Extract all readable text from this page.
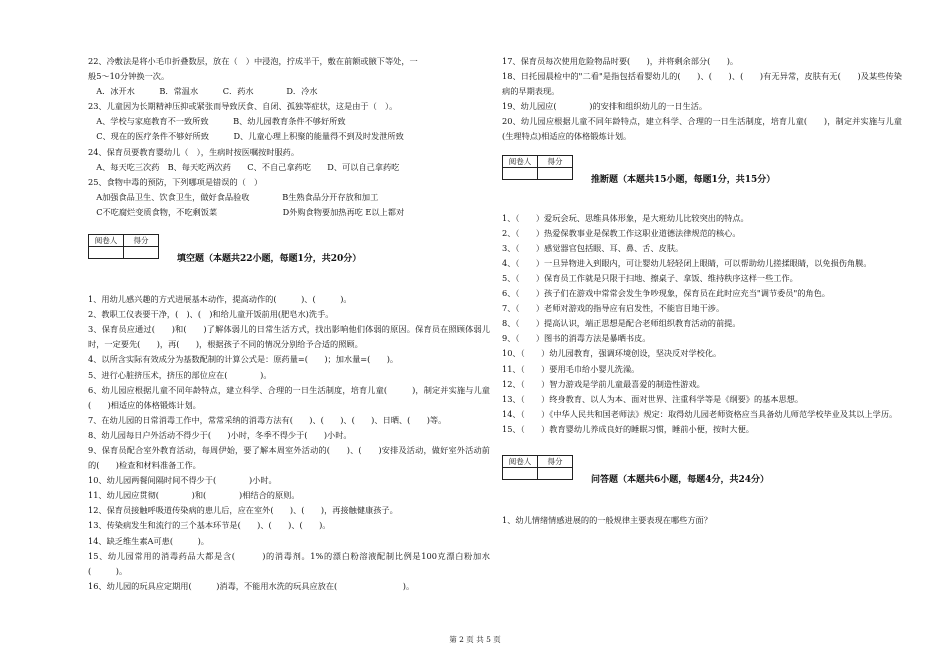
22、冷敷法是将小毛巾折叠数层，放在（　）中浸泡，拧成半干，敷在前额或腋下等处，一
般5～10分钟换一次。
　A．冰开水　　　B．常温水　　　C．药水　　　　D．冷水
23、儿童因为长期精神压抑或紧张而导致厌食、自闭、孤独等症状，这是由于（　）。
　A、学校与家庭教育不一致所致　　　B、幼儿园教育条件不够好所致
　C、现在的医疗条件不够好所致　　　D、儿童心理上积聚的能量得不到及时发泄所致
24、保育员要教育婴幼儿（　），生病时按医嘱按时服药。
　A、每天吃三次药　B、每天吃两次药　　C、不自己拿药吃　　D、可以自己拿药吃
25、食物中毒的预防，下列哪项是错误的（　）
　A加强食品卫生、饮食卫生，做好食品验收　　　　B生熟食品分开存放和加工
　C不吃腐烂变质食物，不吃剩饭菜　　　　　　　　D外购食物要加热再吃 E以上都对
阅卷人	得分

填空题（本题共22小题，每题1分，共20分）
1、用幼儿感兴趣的方式进展基本动作，提高动作的(　　　)、(　　　)。
2、教职工仪表要干净，(　)、(　)和给儿童开饭前用(肥皂水)洗手。
3、保育员应通过(　　)和(　　)了解体弱儿的日常生活方式，找出影响他们体弱的原因。保育员在照顾体弱儿时，一定要先(　　)，再(　　)，根据孩子不同的情况分别给予合适的照顾。
4、以所含实际有效成分为基数配制的计算公式是：原药量=(　　)；加水量=(　　)。
5、进行心脏挤压术，挤压的部位应在(　　　　)。
6、幼儿园应根据儿童不同年龄特点，建立科学、合理的一日生活制度，培育儿童(　　　)，制定并实施与儿童(　　)相适应的体格锻炼计划。
7、在幼儿园的日常消毒工作中，常常采纳的消毒方法有(　　)、(　　)、(　　)、日晒、(　　)等。
8、幼儿园每日户外活动不得少于(　　)小时，冬季不得少于(　　)小时。
9、保育员配合室外教育活动，每周伊始，要了解本周室外活动的(　　)、(　　)安排及活动，做好室外活动前的(　　)检查和材料准备工作。
10、幼儿园两餐间隔时间不得少于(　　　　)小时。
11、幼儿园应贯彻(　　　　)和(　　　　)相结合的原则。
12、保育员接触呼吸道传染病的患儿后，应在室外(　　)、(　　)，再接触健康孩子。
13、传染病发生和流行的三个基本环节是(　　)、(　　)、(　　)。
14、缺乏维生素A可患(　　　)。
15、幼儿园常用的消毒药品大都是含(　　　)的消毒剂。1%的漂白粉溶液配制比例是100克漂白粉加水(　　　)。
16、幼儿园的玩具应定期用(　　　)消毒，不能用水洗的玩具应放在(　　　　　　　　)。
17、保育员每次使用危险物品时要(　　)，并将剩余部分(　　)。
18、日托园晨检中的"二看"是指包括看婴幼儿的(　　)、(　　)、(　　)有无异常，皮肤有无(　　)及某些传染病的早期表现。
19、幼儿园应(　　　　)的安排和组织幼儿的一日生活。
20、幼儿园应根据儿童不同年龄特点，建立科学、合理的一日生活制度，培育儿童(　　)，制定并实施与儿童(生理特点)相适应的体格锻炼计划。
阅卷人	得分

推断题（本题共15小题，每题1分，共15分）
1、（　　）爱玩会玩、思维具体形象，是大班幼儿比较突出的特点。
2、（　　）热爱保教事业是保教工作这职业道德法律规范的核心。
3、（　　）感觉器官包括眼、耳、鼻、舌、皮肤。
4、（　　）一旦异物进入到眼内，可让婴幼儿轻轻闭上眼睛，可以帮助幼儿搓揉眼睛，以免损伤角膜。
5、（　　）保育员工作就是只限于扫地、擦桌子、拿饭、维持秩序这样一些工作。
6、（　　）孩子们在游戏中常常会发生争吵现象，保育员在此时应充当"调节委员"的角色。
7、（　　）老师对游戏的指导应有启发性，不能盲目地干涉。
8、（　　）提高认识，端正思想是配合老师组织教育活动的前提。
9、（　　）图书的消毒方法是暴晒书皮。
10、（　　）幼儿园教育，强调环境创设，坚决反对学校化。
11、（　　）要用毛巾给小婴儿洗澡。
12、（　　）智力游戏是学前儿童最喜爱的制造性游戏。
13、（　　）终身教育、以人为本、面对世界、注重科学等是《纲要》的基本思想。
14、（　　）《中华人民共和国老师法》规定：取得幼儿园老师资格应当具备幼儿师范学校毕业及其以上学历。
15、（　　）教育婴幼儿养成良好的睡眠习惯，睡前小便，按时大便。
阅卷人	得分

问答题（本题共6小题，每题4分，共24分）
1、幼儿情绪情感进展的的一般规律主要表现在哪些方面？
第 2 页 共 5 页
